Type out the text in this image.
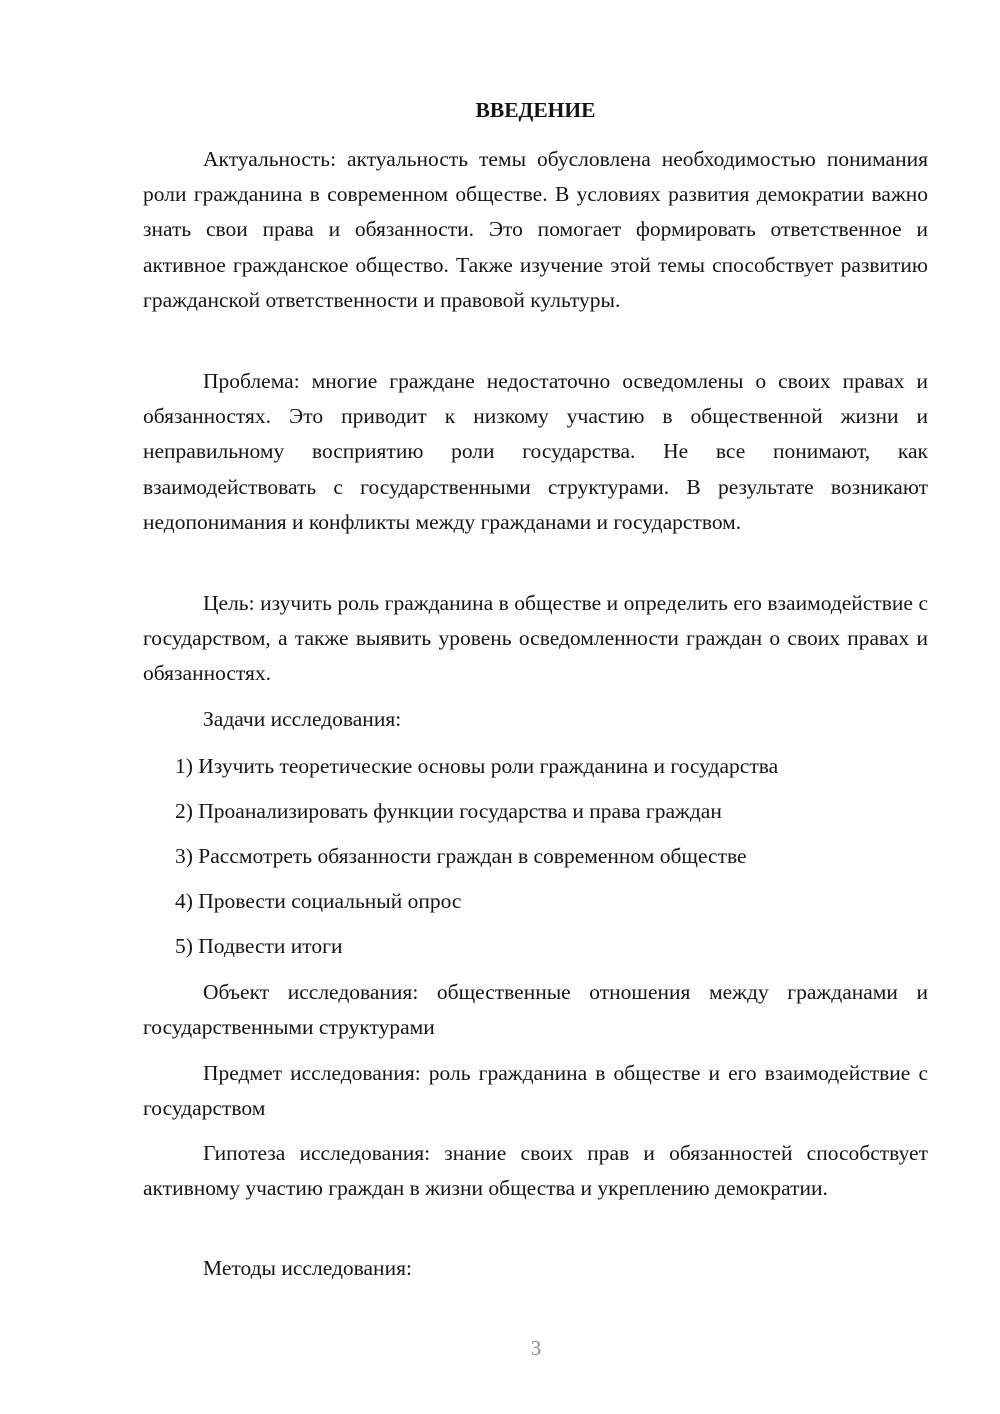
ВВЕДЕНИЕ

Актуальность: актуальность темы обусловлена необходимостью понимания роли гражданина в современном обществе. В условиях развития демократии важно знать свои права и обязанности. Это помогает формировать ответственное и активное гражданское общество. Также изучение этой темы способствует развитию гражданской ответственности и правовой культуры.

Проблема: многие граждане недостаточно осведомлены о своих правах и обязанностях. Это приводит к низкому участию в общественной жизни и неправильному восприятию роли государства. Не все понимают, как взаимодействовать с государственными структурами. В результате возникают недопонимания и конфликты между гражданами и государством.

Цель: изучить роль гражданина в обществе и определить его взаимодействие с государством, а также выявить уровень осведомленности граждан о своих правах и обязанностях.

Задачи исследования:

1) Изучить теоретические основы роли гражданина и государства
2) Проанализировать функции государства и права граждан
3) Рассмотреть обязанности граждан в современном обществе
4) Провести социальный опрос
5) Подвести итоги

Объект исследования: общественные отношения между гражданами и государственными структурами

Предмет исследования: роль гражданина в обществе и его взаимодействие с государством

Гипотеза исследования: знание своих прав и обязанностей способствует активному участию граждан в жизни общества и укреплению демократии.

Методы исследования:

3
